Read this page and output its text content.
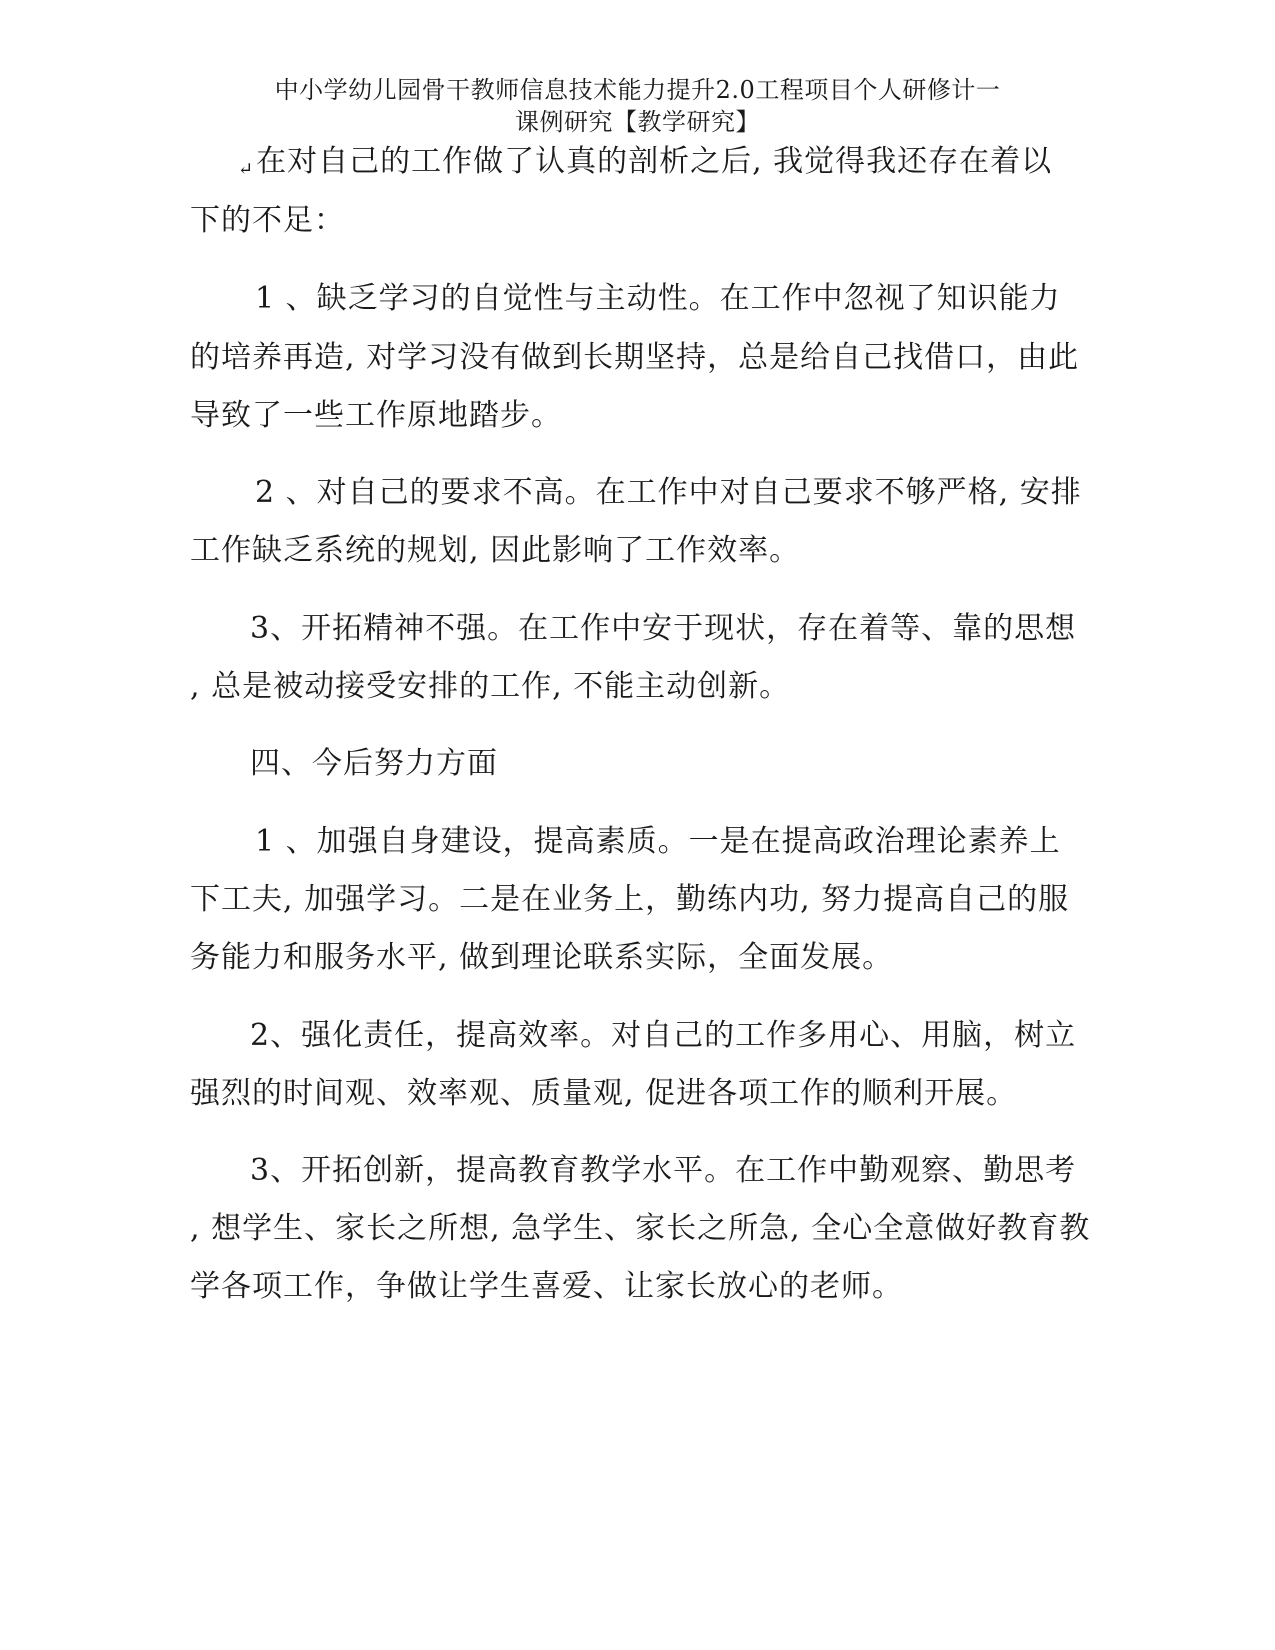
中小学幼儿园骨干教师信息技术能力提升2.0工程项目个人研修计一
课例研究【教学研究】
↵在对自己的工作做了认真的剖析之后, 我觉得我还存在着以
下的不足：
1 、缺乏学习的自觉性与主动性。在工作中忽视了知识能力
的培养再造, 对学习没有做到长期坚持，总是给自己找借口，由此
导致了一些工作原地踏步。
2 、对自己的要求不高。在工作中对自己要求不够严格, 安排
工作缺乏系统的规划, 因此影响了工作效率。
3、开拓精神不强。在工作中安于现状，存在着等、靠的思想
, 总是被动接受安排的工作, 不能主动创新。
四、今后努力方面
1 、加强自身建设，提高素质。一是在提高政治理论素养上
下工夫, 加强学习。二是在业务上，勤练内功, 努力提高自己的服
务能力和服务水平, 做到理论联系实际，全面发展。
2、强化责任，提高效率。对自己的工作多用心、用脑，树立
强烈的时间观、效率观、质量观, 促进各项工作的顺利开展。
3、开拓创新，提高教育教学水平。在工作中勤观察、勤思考
, 想学生、家长之所想, 急学生、家长之所急, 全心全意做好教育教
学各项工作，争做让学生喜爱、让家长放心的老师。
